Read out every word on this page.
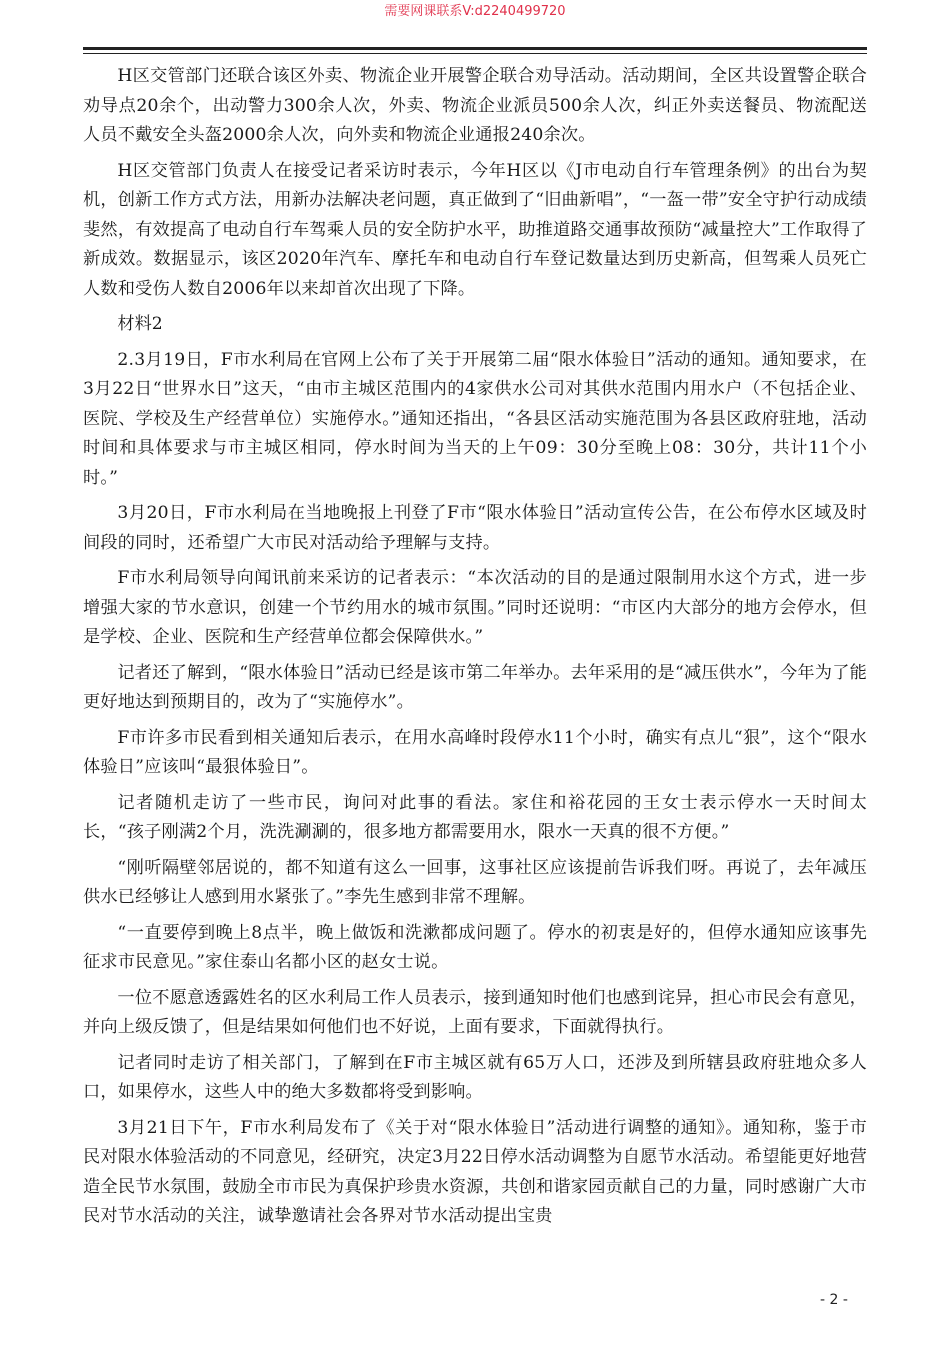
需要网课联系V:d2240499720

H区交管部门还联合该区外卖、物流企业开展警企联合劝导活动。活动期间，全区共设置警企联合劝导点20余个，出动警力300余人次，外卖、物流企业派员500余人次，纠正外卖送餐员、物流配送人员不戴安全头盔2000余人次，向外卖和物流企业通报240余次。

H区交管部门负责人在接受记者采访时表示，今年H区以《J市电动自行车管理条例》的出台为契机，创新工作方式方法，用新办法解决老问题，真正做到了“旧曲新唱”，“一盔一带”安全守护行动成绩斐然，有效提高了电动自行车驾乘人员的安全防护水平，助推道路交通事故预防“减量控大”工作取得了新成效。数据显示，该区2020年汽车、摩托车和电动自行车登记数量达到历史新高，但驾乘人员死亡人数和受伤人数自2006年以来却首次出现了下降。

材料2

2.3月19日，F市水利局在官网上公布了关于开展第二届“限水体验日”活动的通知。通知要求，在3月22日“世界水日”这天，“由市主城区范围内的4家供水公司对其供水范围内用水户（不包括企业、医院、学校及生产经营单位）实施停水。”通知还指出，“各县区活动实施范围为各县区政府驻地，活动时间和具体要求与市主城区相同，停水时间为当天的上午09：30分至晚上08：30分，共计11个小时。”

3月20日，F市水利局在当地晚报上刊登了F市“限水体验日”活动宣传公告，在公布停水区域及时间段的同时，还希望广大市民对活动给予理解与支持。

F市水利局领导向闻讯前来采访的记者表示：“本次活动的目的是通过限制用水这个方式，进一步增强大家的节水意识，创建一个节约用水的城市氛围。”同时还说明：“市区内大部分的地方会停水，但是学校、企业、医院和生产经营单位都会保障供水。”

记者还了解到，“限水体验日”活动已经是该市第二年举办。去年采用的是“减压供水”，今年为了能更好地达到预期目的，改为了“实施停水”。

F市许多市民看到相关通知后表示，在用水高峰时段停水11个小时，确实有点儿“狠”，这个“限水体验日”应该叫“最狠体验日”。

记者随机走访了一些市民，询问对此事的看法。家住和裕花园的王女士表示停水一天时间太长，“孩子刚满2个月，洗洗涮涮的，很多地方都需要用水，限水一天真的很不方便。”

“刚听隔壁邻居说的，都不知道有这么一回事，这事社区应该提前告诉我们呀。再说了，去年减压供水已经够让人感到用水紧张了。”李先生感到非常不理解。

“一直要停到晚上8点半，晚上做饭和洗漱都成问题了。停水的初衷是好的，但停水通知应该事先征求市民意见。”家住泰山名都小区的赵女士说。

一位不愿意透露姓名的区水利局工作人员表示，接到通知时他们也感到诧异，担心市民会有意见，并向上级反馈了，但是结果如何他们也不好说，上面有要求，下面就得执行。

记者同时走访了相关部门，了解到在F市主城区就有65万人口，还涉及到所辖县政府驻地众多人口，如果停水，这些人中的绝大多数都将受到影响。

3月21日下午，F市水利局发布了《关于对“限水体验日”活动进行调整的通知》。通知称，鉴于市民对限水体验活动的不同意见，经研究，决定3月22日停水活动调整为自愿节水活动。希望能更好地营造全民节水氛围，鼓励全市市民为真保护珍贵水资源，共创和谐家园贡献自己的力量，同时感谢广大市民对节水活动的关注，诚挚邀请社会各界对节水活动提出宝贵

- 2 -
